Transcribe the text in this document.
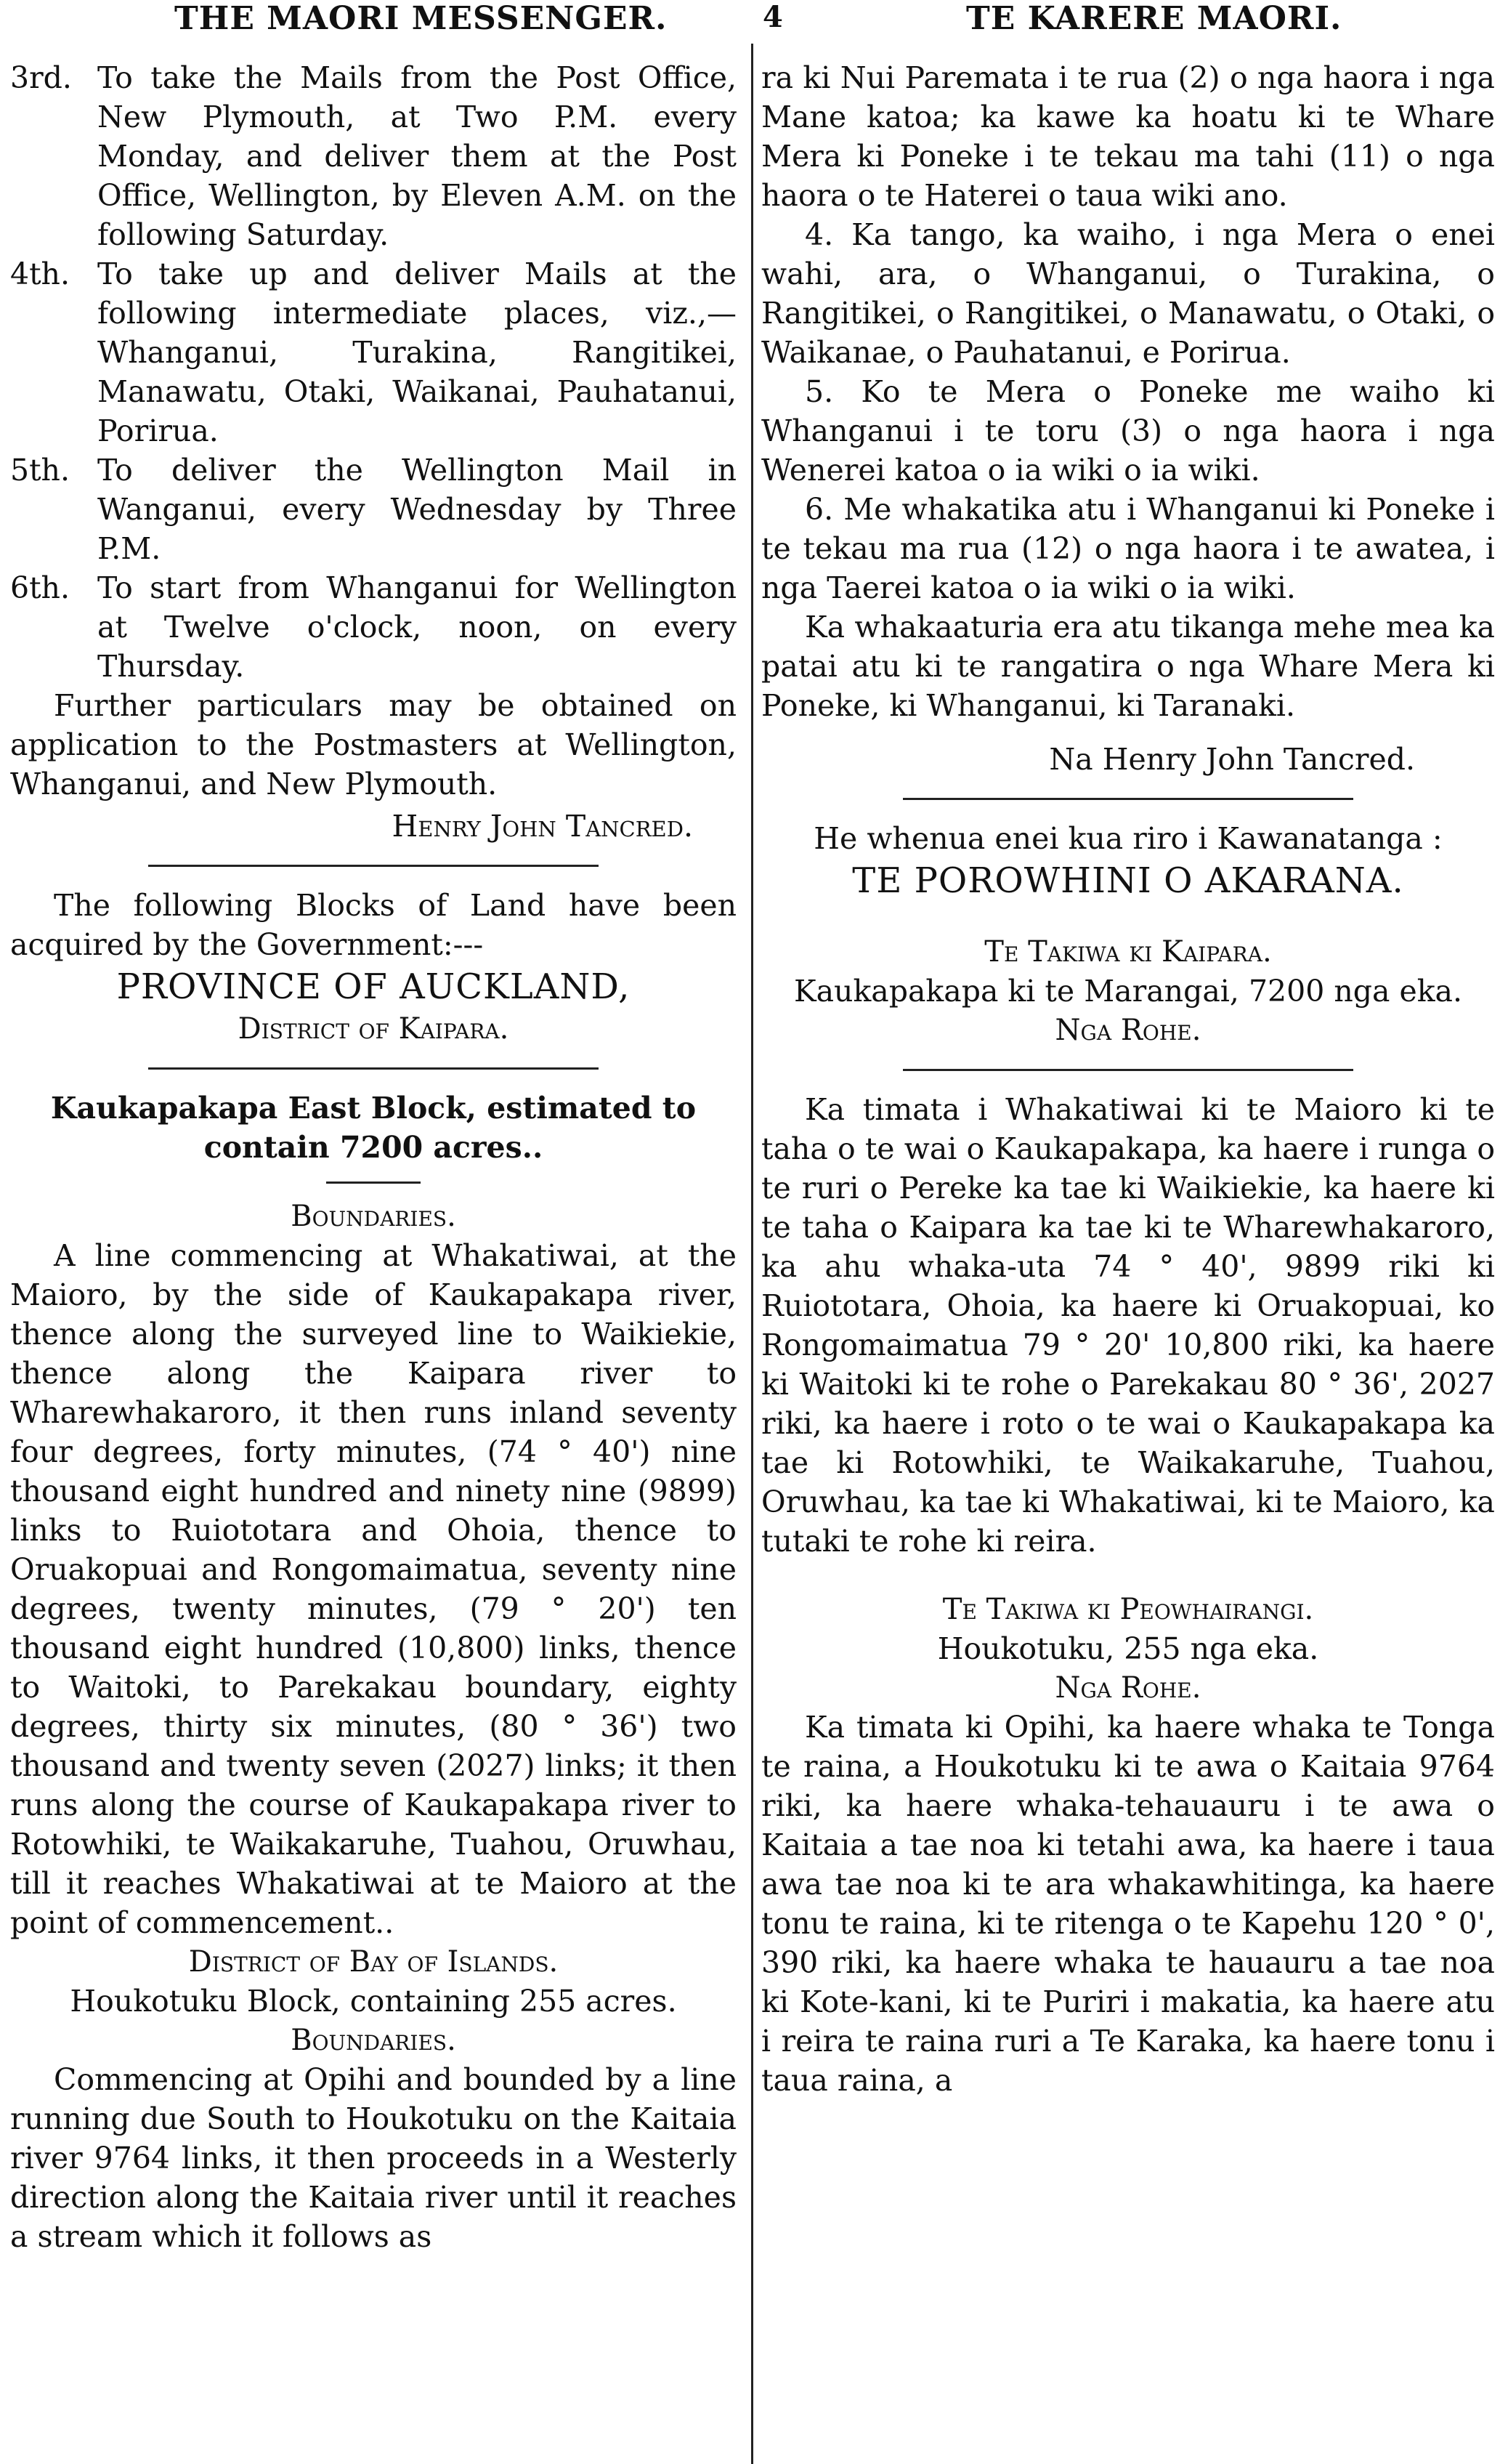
THE MAORI MESSENGER.	4	TE KARERE MAORI.
3rd. To take the Mails from the Post Office, New Plymouth, at Two P.M. every Monday, and deliver them at the Post Office, Wellington, by Eleven A.M. on the following Saturday.
4th. To take up and deliver Mails at the following intermediate places, viz.,— Whanganui, Turakina, Rangitikei, Manawatu, Otaki, Waikanai, Pauhatanui, Porirua.
5th. To deliver the Wellington Mail in Wanganui, every Wednesday by Three P.M.
6th. To start from Whanganui for Wellington at Twelve o'clock, noon, on every Thursday.

Further particulars may be obtained on application to the Postmasters at Wellington, Whanganui, and New Plymouth.

Henry John Tancred.

The following Blocks of Land have been acquired by the Government:---

PROVINCE OF AUCKLAND,

District of Kaipara.

Kaukapakapa East Block, estimated to contain 7200 acres..

Boundaries.

A line commencing at Whakatiwai, at the Maioro, by the side of Kaukapakapa river, thence along the surveyed line to Waikiekie, thence along the Kaipara river to Wharewhakaroro, it then runs inland seventy four degrees, forty minutes, (74 ° 40') nine thousand eight hundred and ninety nine (9899) links to Ruiototara and Ohoia, thence to Oruakopuai and Rongomaimatua, seventy nine degrees, twenty minutes, (79 ° 20') ten thousand eight hundred (10,800) links, thence to Waitoki, to Parekakau boundary, eighty degrees, thirty six minutes, (80 ° 36') two thousand and twenty seven (2027) links; it then runs along the course of Kaukapakapa river to Rotowhiki, te Waikakaruhe, Tuahou, Oruwhau, till it reaches Whakatiwai at te Maioro at the point of commencement..

District of Bay of Islands.

Houkotuku Block, containing 255 acres.

Boundaries.

Commencing at Opihi and bounded by a line running due South to Houkotuku on the Kaitaia river 9764 links, it then proceeds in a Westerly direction along the Kaitaia river until it reaches a stream which it follows as

ra ki Nui Paremata i te rua (2) o nga haora i nga Mane katoa; ka kawe ka hoatu ki te Whare Mera ki Poneke i te tekau ma tahi (11) o nga haora o te Haterei o taua wiki ano.

4. Ka tango, ka waiho, i nga Mera o enei wahi, ara, o Whanganui, o Turakina, o Rangitikei, o Rangitikei, o Manawatu, o Otaki, o Waikanae, o Pauhatanui, e Porirua.

5. Ko te Mera o Poneke me waiho ki Whanganui i te toru (3) o nga haora i nga Wenerei katoa o ia wiki o ia wiki.

6. Me whakatika atu i Whanganui ki Poneke i te tekau ma rua (12) o nga haora i te awatea, i nga Taerei katoa o ia wiki o ia wiki.

Ka whakaaturia era atu tikanga mehe mea ka patai atu ki te rangatira o nga Whare Mera ki Poneke, ki Whanganui, ki Taranaki.

Na Henry John Tancred.

He whenua enei kua riro i Kawanatanga :

TE POROWHINI O AKARANA.

Te Takiwa ki Kaipara.

Kaukapakapa ki te Marangai, 7200 nga eka.

Nga Rohe.

Ka timata i Whakatiwai ki te Maioro ki te taha o te wai o Kaukapakapa, ka haere i runga o te ruri o Pereke ka tae ki Waikiekie, ka haere ki te taha o Kaipara ka tae ki te Wharewhakaroro, ka ahu whaka-uta 74 ° 40', 9899 riki ki Ruiototara, Ohoia, ka haere ki Oruakopuai, ko Rongomaimatua 79 ° 20' 10,800 riki, ka haere ki Waitoki ki te rohe o Parekakau 80 ° 36', 2027 riki, ka haere i roto o te wai o Kaukapakapa ka tae ki Rotowhiki, te Waikakaruhe, Tuahou, Oruwhau, ka tae ki Whakatiwai, ki te Maioro, ka tutaki te rohe ki reira.

Te Takiwa ki Peowhairangi.

Houkotuku, 255 nga eka.

Nga Rohe.

Ka timata ki Opihi, ka haere whaka te Tonga te raina, a Houkotuku ki te awa o Kaitaia 9764 riki, ka haere whaka-tehauauru i te awa o Kaitaia a tae noa ki tetahi awa, ka haere i taua awa tae noa ki te ara whakawhitinga, ka haere tonu te raina, ki te ritenga o te Kapehu 120 ° 0', 390 riki, ka haere whaka te hauauru a tae noa ki Kote-kani, ki te Puriri i makatia, ka haere atu i reira te raina ruri a Te Karaka, ka haere tonu i taua raina, a
